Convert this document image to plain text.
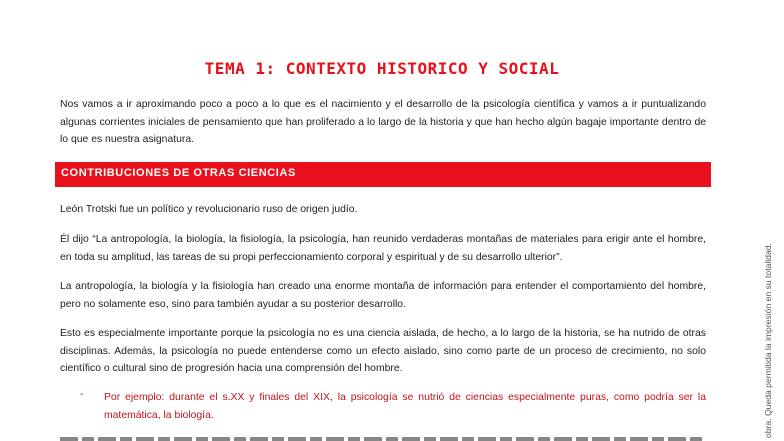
TEMA 1: CONTEXTO HISTORICO Y SOCIAL
Nos vamos a ir aproximando poco a poco a lo que es el nacimiento y el desarrollo de la psicología científica y vamos a ir puntualizando algunas corrientes iniciales de pensamiento que han proliferado a lo largo de la historia y que han hecho algún bagaje importante dentro de lo que es nuestra asignatura.
CONTRIBUCIONES DE OTRAS CIENCIAS
León Trotski fue un político y revolucionario ruso de origen judío.
Él dijo “La antropología, la biología, la fisiología, la psicología, han reunido verdaderas montañas de materiales para erigir ante el hombre, en toda su amplitud, las tareas de su propi perfeccionamiento corporal y espiritual y de su desarrollo ulterior”.
La antropología, la biología y la fisiología han creado una enorme montaña de información para entender el comportamiento del hombre, pero no solamente eso, sino para también ayudar a su posterior desarrollo.
Esto es especialmente importante porque la psicología no es una ciencia aislada, de hecho, a lo largo de la historia, se ha nutrido de otras disciplinas. Además, la psicología no puede entenderse como un efecto aislado, sino como parte de un proceso de crecimiento, no solo científico o cultural sino de progresión hacia una comprensión del hombre.
- Por ejemplo: durante el s.XX y finales del XIX, la psicología se nutrió de ciencias especialmente puras, como podría ser la matemática, la biología.	obra. Queda permitida la impresión en su totalidad.
